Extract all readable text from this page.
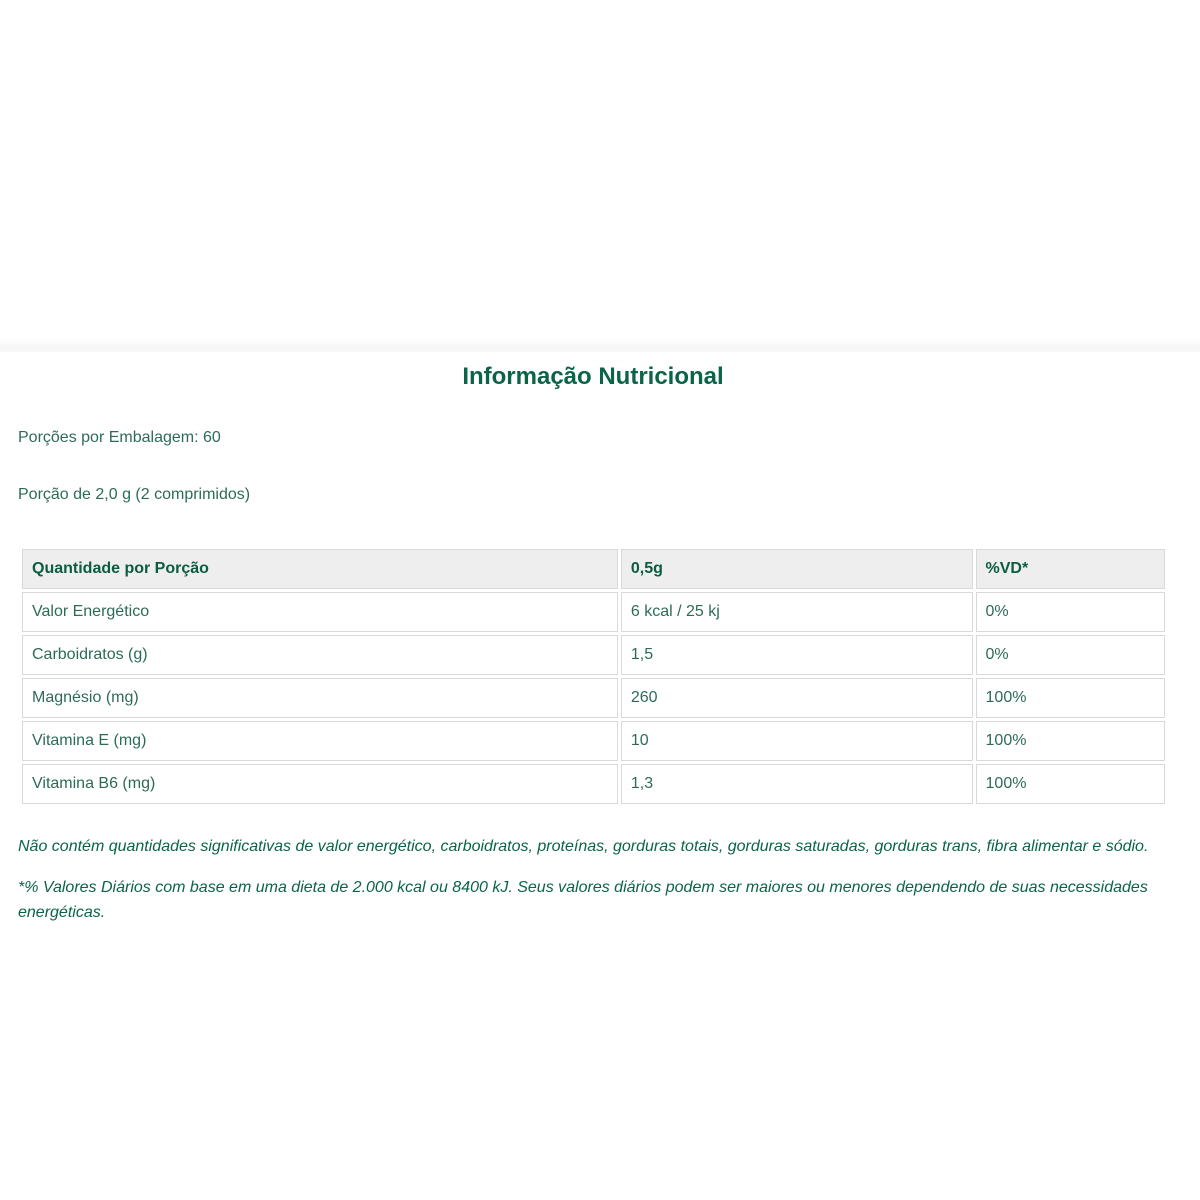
Informação Nutricional
Porções por Embalagem: 60
Porção de 2,0 g (2 comprimidos)
Quantidade por Porção	0,5g	%VD*
Valor Energético	6 kcal / 25 kj	0%
Carboidratos (g)	1,5	0%
Magnésio (mg)	260	100%
Vitamina E (mg)	10	100%
Vitamina B6 (mg)	1,3	100%
Não contém quantidades significativas de valor energético, carboidratos, proteínas, gorduras totais, gorduras saturadas, gorduras trans, fibra alimentar e sódio.
*% Valores Diários com base em uma dieta de 2.000 kcal ou 8400 kJ. Seus valores diários podem ser maiores ou menores dependendo de suas necessidades energéticas.
